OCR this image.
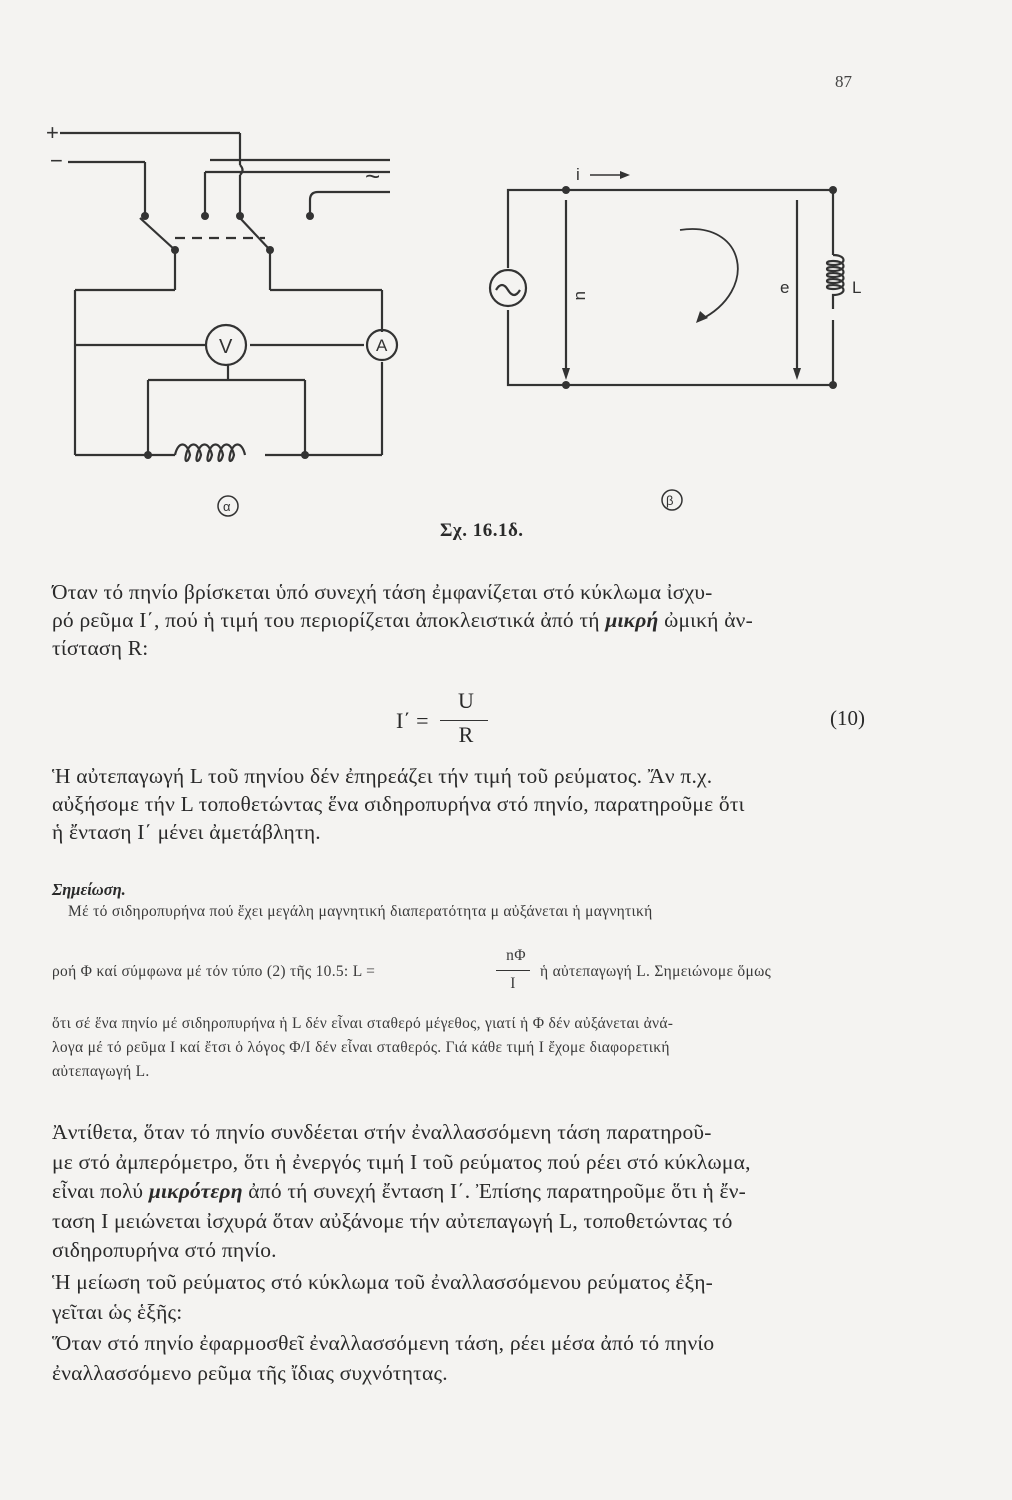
87
+
−
~
V	A
α
i
u	e	L
β
Σχ. 16.1δ.
Όταν τό πηνίο βρίσκεται ὑπό συνεχή τάση ἐμφανίζεται στό κύκλωμα ἰσχυ-
ρό ρεῦμα Ι΄, πού ἡ τιμή του περιορίζεται ἀποκλειστικά ἀπό τή μικρή ὠμική ἀν-
τίσταση R:
Ι΄ =
U
R
(10)
Ἡ αὐτεπαγωγή L τοῦ πηνίου δέν ἐπηρεάζει τήν τιμή τοῦ ρεύματος. Ἄν π.χ.
αὐξήσομε τήν L τοποθετώντας ἕνα σιδηροπυρήνα στό πηνίο, παρατηροῦμε ὅτι
ἡ ἔνταση Ι΄ μένει ἀμετάβλητη.
Σημείωση.
Μέ τό σιδηροπυρήνα πού ἔχει μεγάλη μαγνητική διαπερατότητα μ αὐξάνεται ἡ μαγνητική
ροή Φ καί σύμφωνα μέ τόν τύπο (2) τῆς 10.5: L =
nΦ
I
ἡ αὐτεπαγωγή L. Σημειώνομε ὅμως
ὅτι σέ ἕνα πηνίο μέ σιδηροπυρήνα ἡ L δέν εἶναι σταθερό μέγεθος, γιατί ἡ Φ δέν αὐξάνεται ἀνά-
λογα μέ τό ρεῦμα Ι καί ἔτσι ὁ λόγος Φ/Ι δέν εἶναι σταθερός. Γιά κάθε τιμή Ι ἔχομε διαφορετική
αὐτεπαγωγή L.
Ἀντίθετα, ὅταν τό πηνίο συνδέεται στήν ἐναλλασσόμενη τάση παρατηροῦ-
με στό ἀμπερόμετρο, ὅτι ἡ ἐνεργός τιμή Ι τοῦ ρεύματος πού ρέει στό κύκλωμα,
εἶναι πολύ μικρότερη ἀπό τή συνεχή ἔνταση Ι΄. Ἐπίσης παρατηροῦμε ὅτι ἡ ἔν-
ταση Ι μειώνεται ἰσχυρά ὅταν αὐξάνομε τήν αὐτεπαγωγή L, τοποθετώντας τό
σιδηροπυρήνα στό πηνίο.
Ἡ μείωση τοῦ ρεύματος στό κύκλωμα τοῦ ἐναλλασσόμενου ρεύματος ἐξη-
γεῖται ὡς ἑξῆς:
Ὅταν στό πηνίο ἐφαρμοσθεῖ ἐναλλασσόμενη τάση, ρέει μέσα ἀπό τό πηνίο
ἐναλλασσόμενο ρεῦμα τῆς ἴδιας συχνότητας.
